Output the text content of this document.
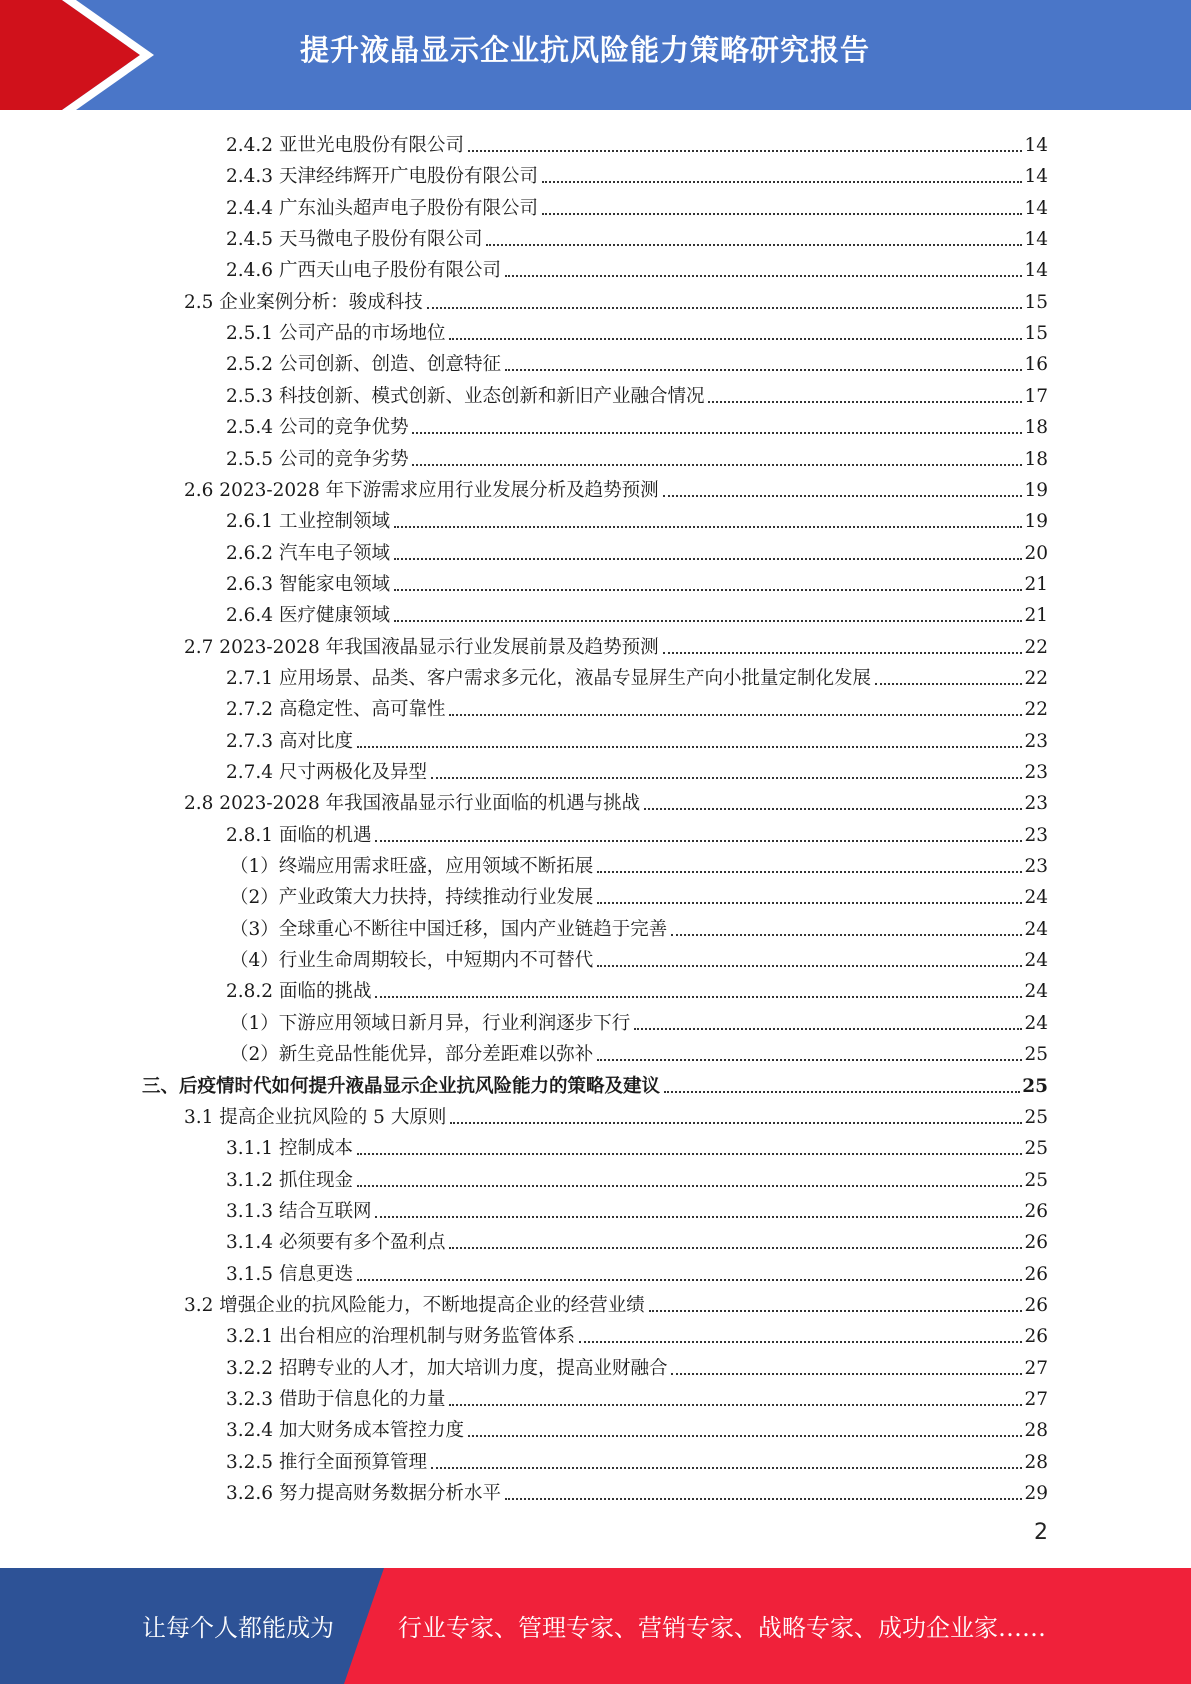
提升液晶显示企业抗风险能力策略研究报告
2.4.2 亚世光电股份有限公司	14
2.4.3 天津经纬辉开广电股份有限公司	14
2.4.4 广东汕头超声电子股份有限公司	14
2.4.5 天马微电子股份有限公司	14
2.4.6 广西天山电子股份有限公司	14
2.5 企业案例分析：骏成科技	15
2.5.1 公司产品的市场地位	15
2.5.2 公司创新、创造、创意特征	16
2.5.3 科技创新、模式创新、业态创新和新旧产业融合情况	17
2.5.4 公司的竞争优势	18
2.5.5 公司的竞争劣势	18
2.6 2023-2028 年下游需求应用行业发展分析及趋势预测	19
2.6.1 工业控制领域	19
2.6.2 汽车电子领域	20
2.6.3 智能家电领域	21
2.6.4 医疗健康领域	21
2.7 2023-2028 年我国液晶显示行业发展前景及趋势预测	22
2.7.1 应用场景、品类、客户需求多元化，液晶专显屏生产向小批量定制化发展	22
2.7.2 高稳定性、高可靠性	22
2.7.3 高对比度	23
2.7.4 尺寸两极化及异型	23
2.8 2023-2028 年我国液晶显示行业面临的机遇与挑战	23
2.8.1 面临的机遇	23
（1）终端应用需求旺盛，应用领域不断拓展	23
（2）产业政策大力扶持，持续推动行业发展	24
（3）全球重心不断往中国迁移，国内产业链趋于完善	24
（4）行业生命周期较长，中短期内不可替代	24
2.8.2 面临的挑战	24
（1）下游应用领域日新月异，行业利润逐步下行	24
（2）新生竞品性能优异，部分差距难以弥补	25
三、后疫情时代如何提升液晶显示企业抗风险能力的策略及建议	25
3.1 提高企业抗风险的 5 大原则	25
3.1.1 控制成本	25
3.1.2 抓住现金	25
3.1.3 结合互联网	26
3.1.4 必须要有多个盈利点	26
3.1.5 信息更迭	26
3.2 增强企业的抗风险能力，不断地提高企业的经营业绩	26
3.2.1 出台相应的治理机制与财务监管体系	26
3.2.2 招聘专业的人才，加大培训力度，提高业财融合	27
3.2.3 借助于信息化的力量	27
3.2.4 加大财务成本管控力度	28
3.2.5 推行全面预算管理	28
3.2.6 努力提高财务数据分析水平	29
2
让每个人都能成为	行业专家、管理专家、营销专家、战略专家、成功企业家……
